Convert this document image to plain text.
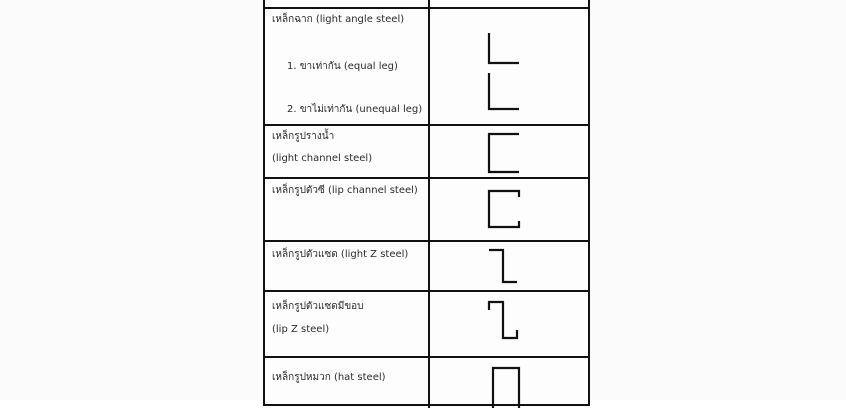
เหล็กฉาก (light angle steel)
1. ขาเท่ากัน (equal leg)
2. ขาไม่เท่ากัน (unequal leg)
เหล็กรูปรางน้ำ
(light channel steel)
เหล็กรูปตัวซี (lip channel steel)
เหล็กรูปตัวแซด (light Z steel)
เหล็กรูปตัวแซดมีขอบ
(lip Z steel)
เหล็กรูปหมวก (hat steel)
